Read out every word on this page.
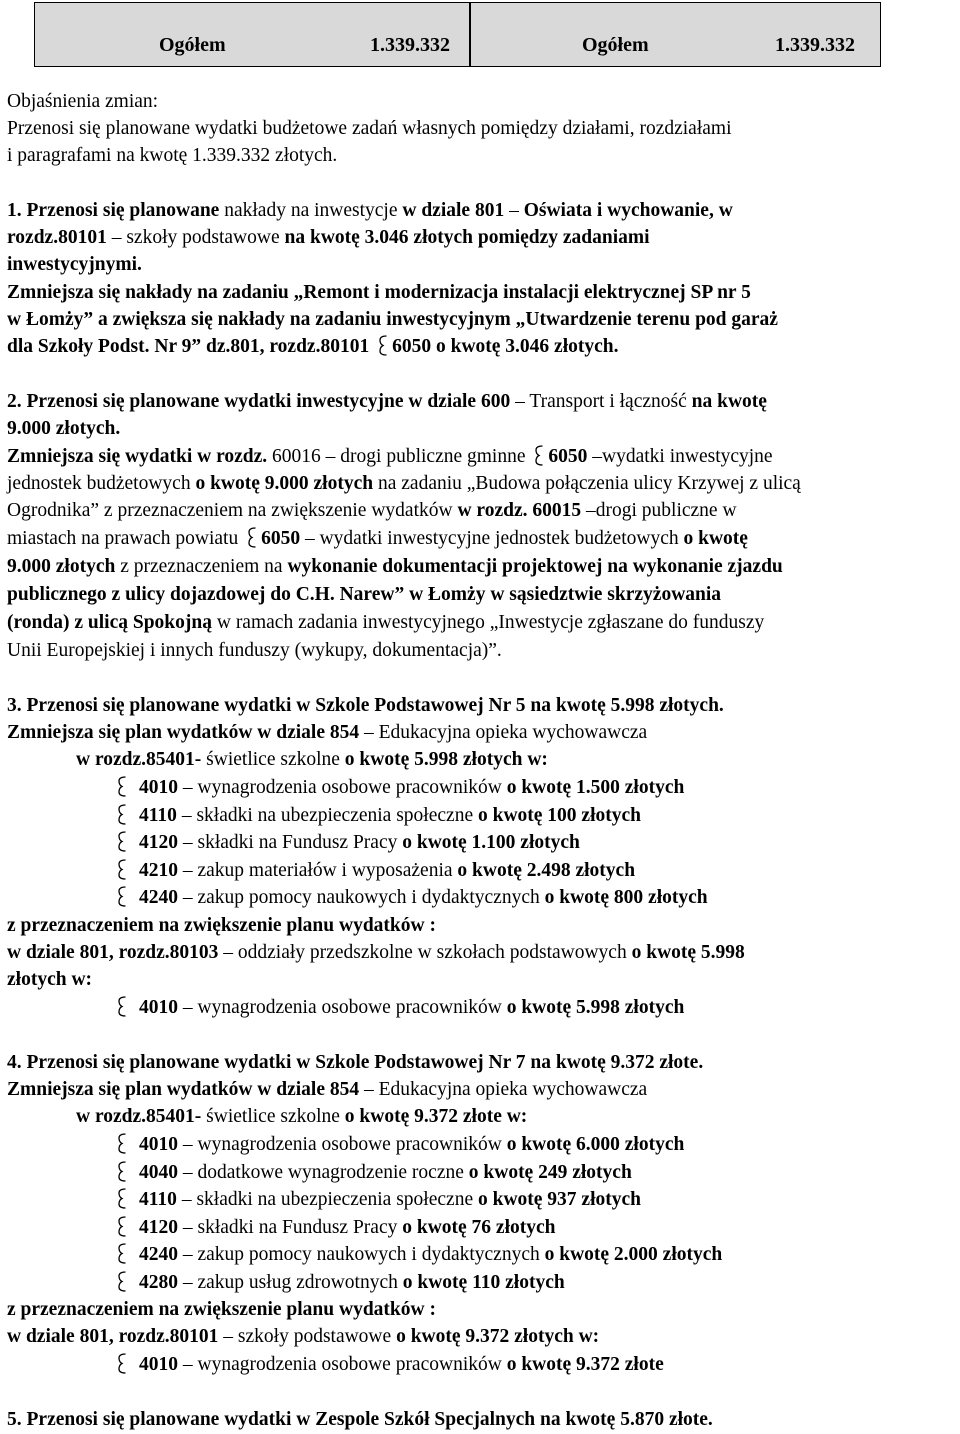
Ogółem	1.339.332	Ogółem	1.339.332
Objaśnienia zmian:
Przenosi się planowane wydatki budżetowe zadań własnych pomiędzy działami, rozdziałami
i paragrafami na kwotę 1.339.332 złotych.
1. Przenosi się planowane nakłady na inwestycje w dziale 801 – Oświata i wychowanie, w
rozdz.80101 – szkoły podstawowe na kwotę 3.046 złotych pomiędzy zadaniami
inwestycyjnymi.
Zmniejsza się nakłady na zadaniu „Remont i modernizacja instalacji elektrycznej SP nr 5
w Łomży” a zwiększa się nakłady na zadaniu inwestycyjnym „Utwardzenie terenu pod garaż
dla Szkoły Podst. Nr 9” dz.801, rozdz.80101 6050 o kwotę 3.046 złotych.
2. Przenosi się planowane wydatki inwestycyjne w dziale 600 – Transport i łączność na kwotę
9.000 złotych.
Zmniejsza się wydatki w rozdz. 60016 – drogi publiczne gminne
6050 –wydatki inwestycyjne
jednostek budżetowych o kwotę 9.000 złotych na zadaniu „Budowa połączenia ulicy Krzywej z ulicą
Ogrodnika” z przeznaczeniem na zwiększenie wydatków w rozdz. 60015 –drogi publiczne w
miastach na prawach powiatu
6050 – wydatki inwestycyjne jednostek budżetowych o kwotę
9.000 złotych z przeznaczeniem na wykonanie dokumentacji projektowej na wykonanie zjazdu
publicznego z ulicy dojazdowej do C.H. Narew” w Łomży w sąsiedztwie skrzyżowania
(ronda) z ulicą Spokojną w ramach zadania inwestycyjnego „Inwestycje zgłaszane do funduszy
Unii Europejskiej i innych funduszy (wykupy, dokumentacja)”.
3. Przenosi się planowane wydatki w Szkole Podstawowej Nr 5 na kwotę 5.998 złotych.
Zmniejsza się plan wydatków w dziale 854 – Edukacyjna opieka wychowawcza
w rozdz.85401- świetlice szkolne o kwotę 5.998 złotych w:
4010 – wynagrodzenia osobowe pracowników o kwotę 1.500 złotych
4110 – składki na ubezpieczenia społeczne o kwotę 100 złotych
4120 – składki na Fundusz Pracy o kwotę 1.100 złotych
4210 – zakup materiałów i wyposażenia o kwotę 2.498 złotych
4240 – zakup pomocy naukowych i dydaktycznych o kwotę 800 złotych
z przeznaczeniem na zwiększenie planu wydatków :
w dziale 801, rozdz.80103 – oddziały przedszkolne w szkołach podstawowych o kwotę 5.998
złotych w:
4010 – wynagrodzenia osobowe pracowników o kwotę 5.998 złotych
4. Przenosi się planowane wydatki w Szkole Podstawowej Nr 7 na kwotę 9.372 złote.
Zmniejsza się plan wydatków w dziale 854 – Edukacyjna opieka wychowawcza
w rozdz.85401- świetlice szkolne o kwotę 9.372 złote w:
4010 – wynagrodzenia osobowe pracowników o kwotę 6.000 złotych
4040 – dodatkowe wynagrodzenie roczne o kwotę 249 złotych
4110 – składki na ubezpieczenia społeczne o kwotę 937 złotych
4120 – składki na Fundusz Pracy o kwotę 76 złotych
4240 – zakup pomocy naukowych i dydaktycznych o kwotę 2.000 złotych
4280 – zakup usług zdrowotnych o kwotę 110 złotych
z przeznaczeniem na zwiększenie planu wydatków :
w dziale 801, rozdz.80101 – szkoły podstawowe o kwotę 9.372 złotych w:
4010 – wynagrodzenia osobowe pracowników o kwotę 9.372 złote
5. Przenosi się planowane wydatki w Zespole Szkół Specjalnych na kwotę 5.870 złote.
